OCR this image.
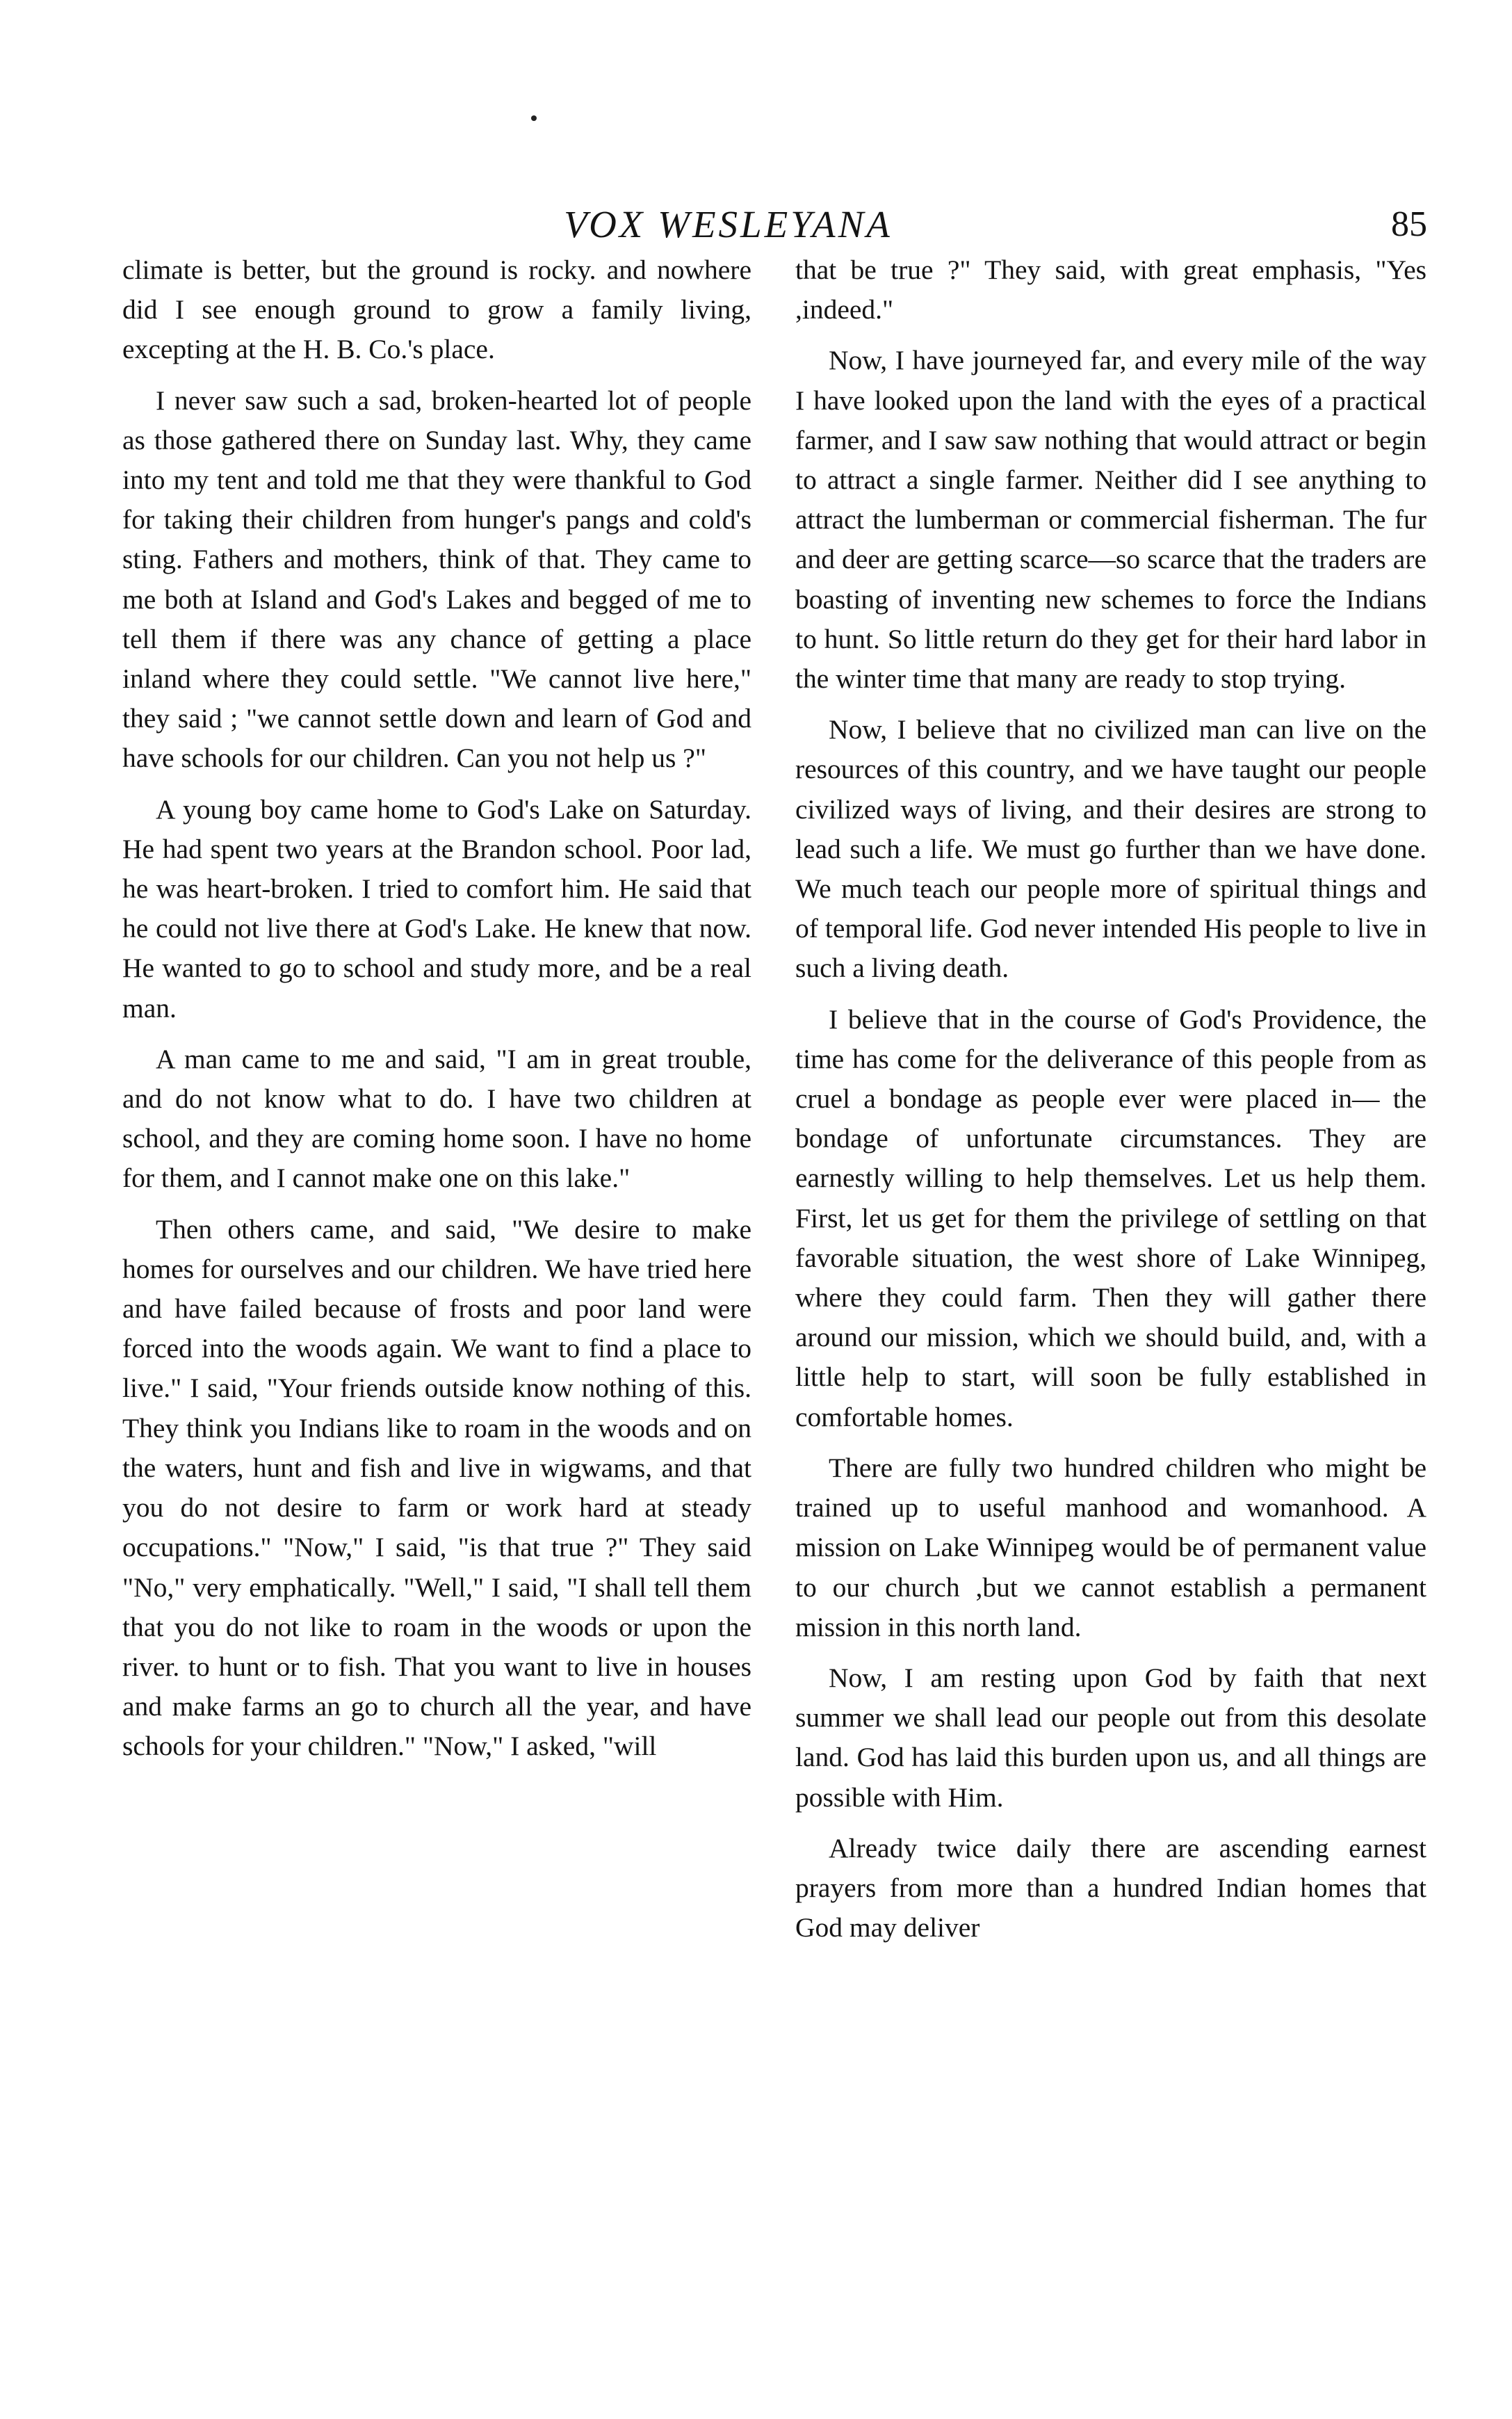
VOX WESLEYANA	85

climate is better, but the ground is rocky. and nowhere did I see enough ground to grow a family living, excepting at the H. B. Co.'s place.

I never saw such a sad, broken-hearted lot of people as those gathered there on Sunday last. Why, they came into my tent and told me that they were thankful to God for taking their children from hunger's pangs and cold's sting. Fathers and mothers, think of that. They came to me both at Island and God's Lakes and begged of me to tell them if there was any chance of getting a place inland where they could settle. "We cannot live here," they said ; "we cannot settle down and learn of God and have schools for our children. Can you not help us ?"

A young boy came home to God's Lake on Saturday. He had spent two years at the Brandon school. Poor lad, he was heart-broken. I tried to comfort him. He said that he could not live there at God's Lake. He knew that now. He wanted to go to school and study more, and be a real man.

A man came to me and said, "I am in great trouble, and do not know what to do. I have two children at school, and they are coming home soon. I have no home for them, and I cannot make one on this lake."

Then others came, and said, "We desire to make homes for ourselves and our children. We have tried here and have failed because of frosts and poor land were forced into the woods again. We want to find a place to live." I said, "Your friends outside know nothing of this. They think you Indians like to roam in the woods and on the waters, hunt and fish and live in wigwams, and that you do not desire to farm or work hard at steady occupations." "Now," I said, "is that true ?" They said "No," very emphatically. "Well," I said, "I shall tell them that you do not like to roam in the woods or upon the river. to hunt or to fish. That you want to live in houses and make farms an go to church all the year, and have schools for your children." "Now," I asked, "will

that be true ?" They said, with great emphasis, "Yes ,indeed."

Now, I have journeyed far, and every mile of the way I have looked upon the land with the eyes of a practical farmer, and I saw saw nothing that would attract or begin to attract a single farmer. Neither did I see anything to attract the lumberman or commercial fisherman. The fur and deer are getting scarce—so scarce that the traders are boasting of inventing new schemes to force the Indians to hunt. So little return do they get for their hard labor in the winter time that many are ready to stop trying.

Now, I believe that no civilized man can live on the resources of this country, and we have taught our people civilized ways of living, and their desires are strong to lead such a life. We must go further than we have done. We much teach our people more of spiritual things and of temporal life. God never intended His people to live in such a living death.

I believe that in the course of God's Providence, the time has come for the deliverance of this people from as cruel a bondage as people ever were placed in— the bondage of unfortunate circumstances. They are earnestly willing to help themselves. Let us help them. First, let us get for them the privilege of settling on that favorable situation, the west shore of Lake Winnipeg, where they could farm. Then they will gather there around our mission, which we should build, and, with a little help to start, will soon be fully established in comfortable homes.

There are fully two hundred children who might be trained up to useful manhood and womanhood. A mission on Lake Winnipeg would be of permanent value to our church ,but we cannot establish a permanent mission in this north land.

Now, I am resting upon God by faith that next summer we shall lead our people out from this desolate land. God has laid this burden upon us, and all things are possible with Him.

Already twice daily there are ascending earnest prayers from more than a hundred Indian homes that God may deliver
